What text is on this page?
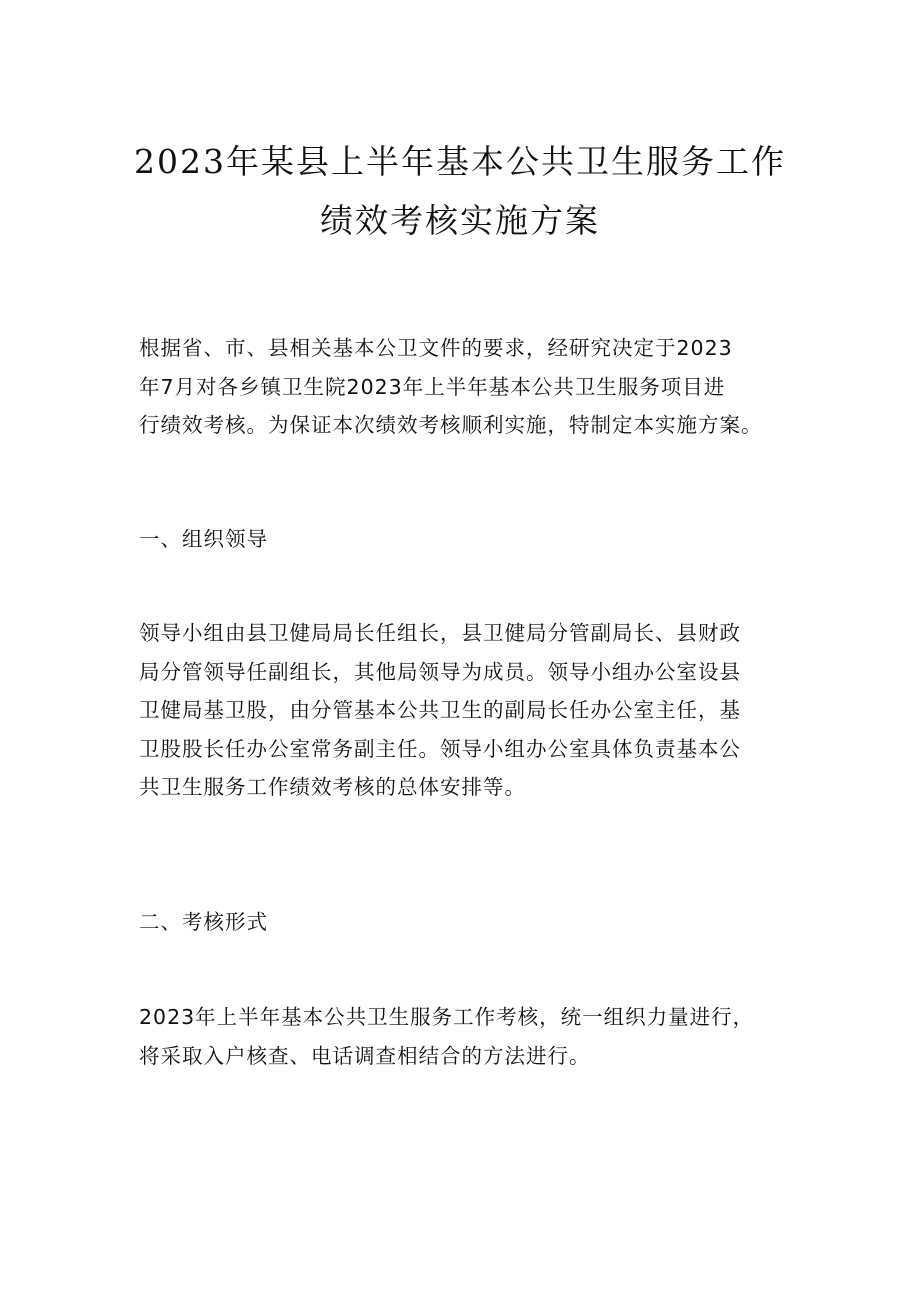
2023年某县上半年基本公共卫生服务工作
绩效考核实施方案
根据省、市、县相关基本公卫文件的要求，经研究决定于2023
年7月对各乡镇卫生院2023年上半年基本公共卫生服务项目进
行绩效考核。为保证本次绩效考核顺利实施，特制定本实施方案。
一、组织领导
领导小组由县卫健局局长任组长，县卫健局分管副局长、县财政
局分管领导任副组长，其他局领导为成员。领导小组办公室设县
卫健局基卫股，由分管基本公共卫生的副局长任办公室主任，基
卫股股长任办公室常务副主任。领导小组办公室具体负责基本公
共卫生服务工作绩效考核的总体安排等。
二、考核形式
2023年上半年基本公共卫生服务工作考核，统一组织力量进行，
将采取入户核查、电话调查相结合的方法进行。
